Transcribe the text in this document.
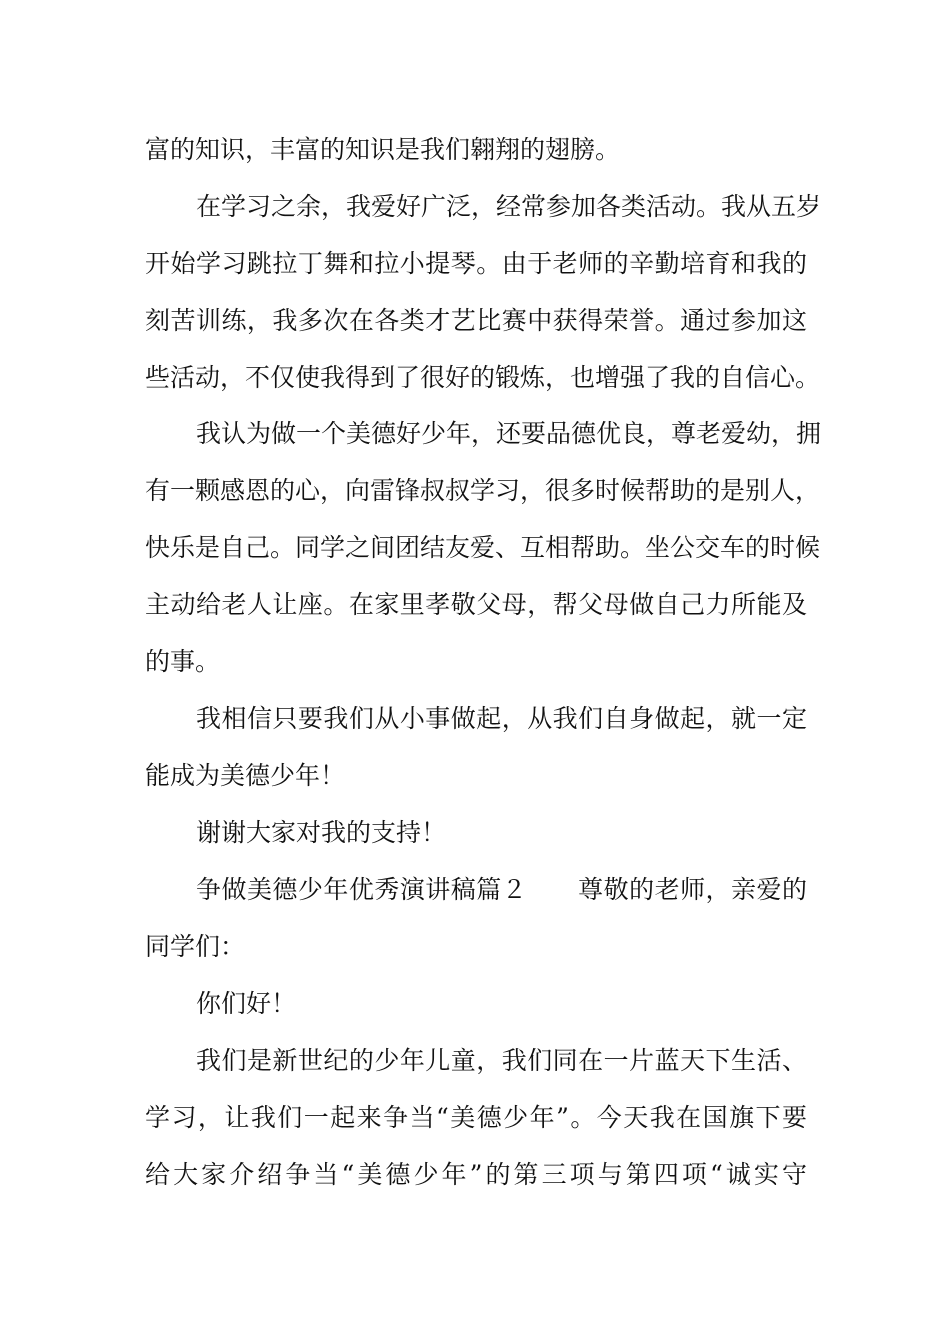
富的知识，丰富的知识是我们翱翔的翅膀。
在学习之余，我爱好广泛，经常参加各类活动。我从五岁
开始学习跳拉丁舞和拉小提琴。由于老师的辛勤培育和我的
刻苦训练，我多次在各类才艺比赛中获得荣誉。通过参加这
些活动，不仅使我得到了很好的锻炼，也增强了我的自信心。
我认为做一个美德好少年，还要品德优良，尊老爱幼，拥
有一颗感恩的心，向雷锋叔叔学习，很多时候帮助的是别人，
快乐是自己。同学之间团结友爱、互相帮助。坐公交车的时候
主动给老人让座。在家里孝敬父母，帮父母做自己力所能及
的事。
我相信只要我们从小事做起，从我们自身做起，就一定
能成为美德少年！
谢谢大家对我的支持！
争做美德少年优秀演讲稿篇２　　尊敬的老师，亲爱的
同学们：
你们好！
我们是新世纪的少年儿童，我们同在一片蓝天下生活、
学习，让我们一起来争当“美德少年”。今天我在国旗下要
给大家介绍争当“美德少年”的第三项与第四项“诚实守
